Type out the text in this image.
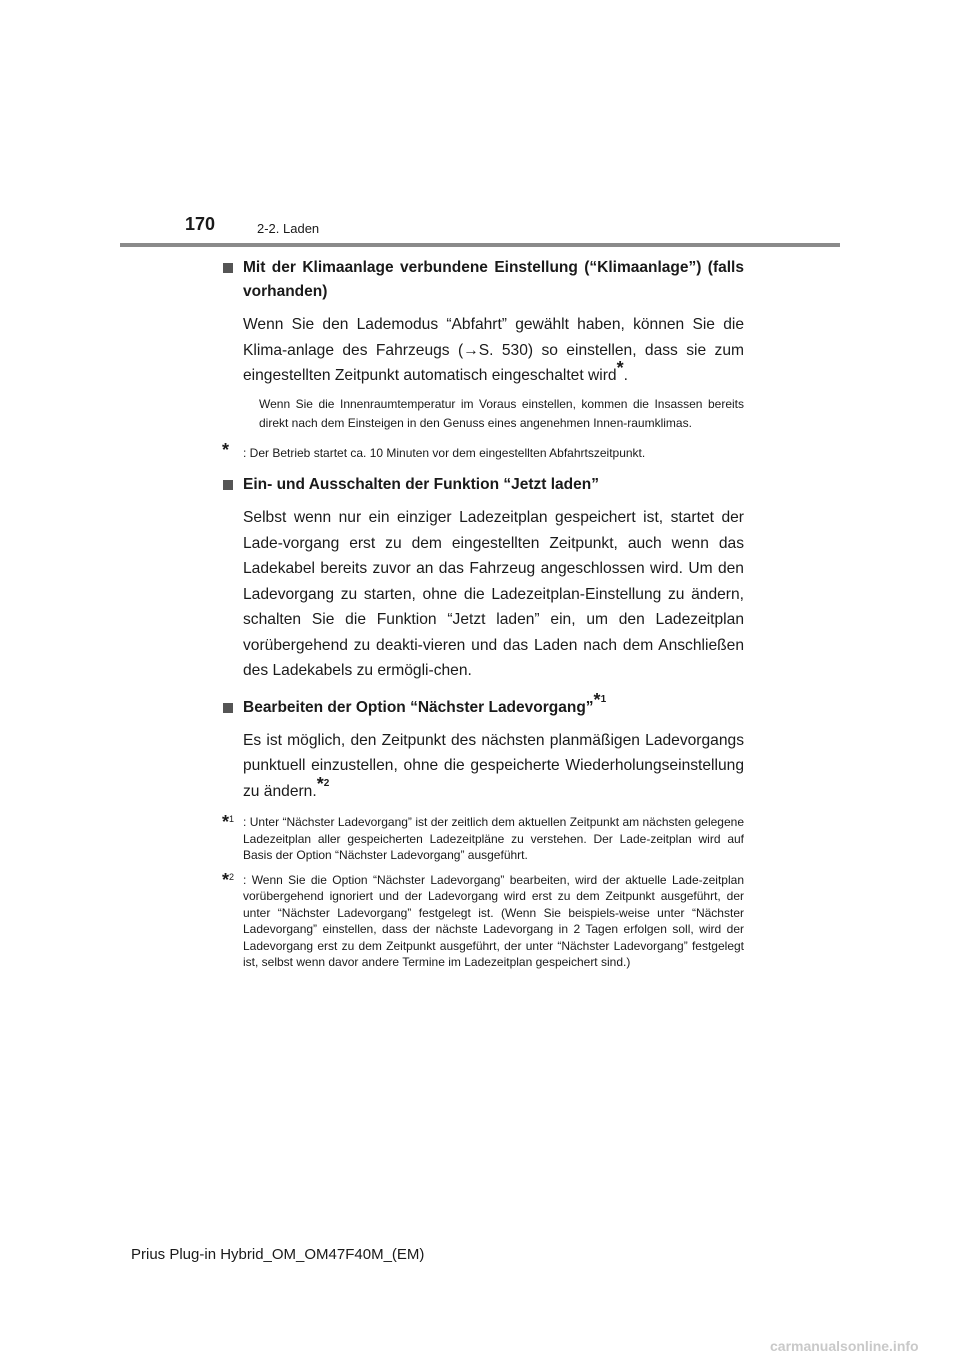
170	2-2. Laden
Mit der Klimaanlage verbundene Einstellung (“Klimaanlage”) (falls vorhanden)
Wenn Sie den Lademodus “Abfahrt” gewählt haben, können Sie die Klima-anlage des Fahrzeugs (→S. 530) so einstellen, dass sie zum eingestellten Zeitpunkt automatisch eingeschaltet wird*.
Wenn Sie die Innenraumtemperatur im Voraus einstellen, kommen die Insassen bereits direkt nach dem Einsteigen in den Genuss eines angenehmen Innen-raumklimas.
* : Der Betrieb startet ca. 10 Minuten vor dem eingestellten Abfahrtszeitpunkt.
Ein- und Ausschalten der Funktion “Jetzt laden”
Selbst wenn nur ein einziger Ladezeitplan gespeichert ist, startet der Lade-vorgang erst zu dem eingestellten Zeitpunkt, auch wenn das Ladekabel bereits zuvor an das Fahrzeug angeschlossen wird. Um den Ladevorgang zu starten, ohne die Ladezeitplan-Einstellung zu ändern, schalten Sie die Funktion “Jetzt laden” ein, um den Ladezeitplan vorübergehend zu deakti-vieren und das Laden nach dem Anschließen des Ladekabels zu ermögli-chen.
Bearbeiten der Option “Nächster Ladevorgang”*$^1$
Es ist möglich, den Zeitpunkt des nächsten planmäßigen Ladevorgangs punktuell einzustellen, ohne die gespeicherte Wiederholungseinstellung zu ändern.*$^2$
*$^1$ : Unter “Nächster Ladevorgang” ist der zeitlich dem aktuellen Zeitpunkt am nächsten gelegene Ladezeitplan aller gespeicherten Ladezeitpläne zu verstehen. Der Lade-zeitplan wird auf Basis der Option “Nächster Ladevorgang” ausgeführt.
*$^2$ : Wenn Sie die Option “Nächster Ladevorgang” bearbeiten, wird der aktuelle Lade-zeitplan vorübergehend ignoriert und der Ladevorgang wird erst zu dem Zeitpunkt ausgeführt, der unter “Nächster Ladevorgang” festgelegt ist. (Wenn Sie beispiels-weise unter “Nächster Ladevorgang” einstellen, dass der nächste Ladevorgang in 2 Tagen erfolgen soll, wird der Ladevorgang erst zu dem Zeitpunkt ausgeführt, der unter “Nächster Ladevorgang” festgelegt ist, selbst wenn davor andere Termine im Ladezeitplan gespeichert sind.)
Prius Plug-in Hybrid_OM_OM47F40M_(EM)
carmanualsonline.info
